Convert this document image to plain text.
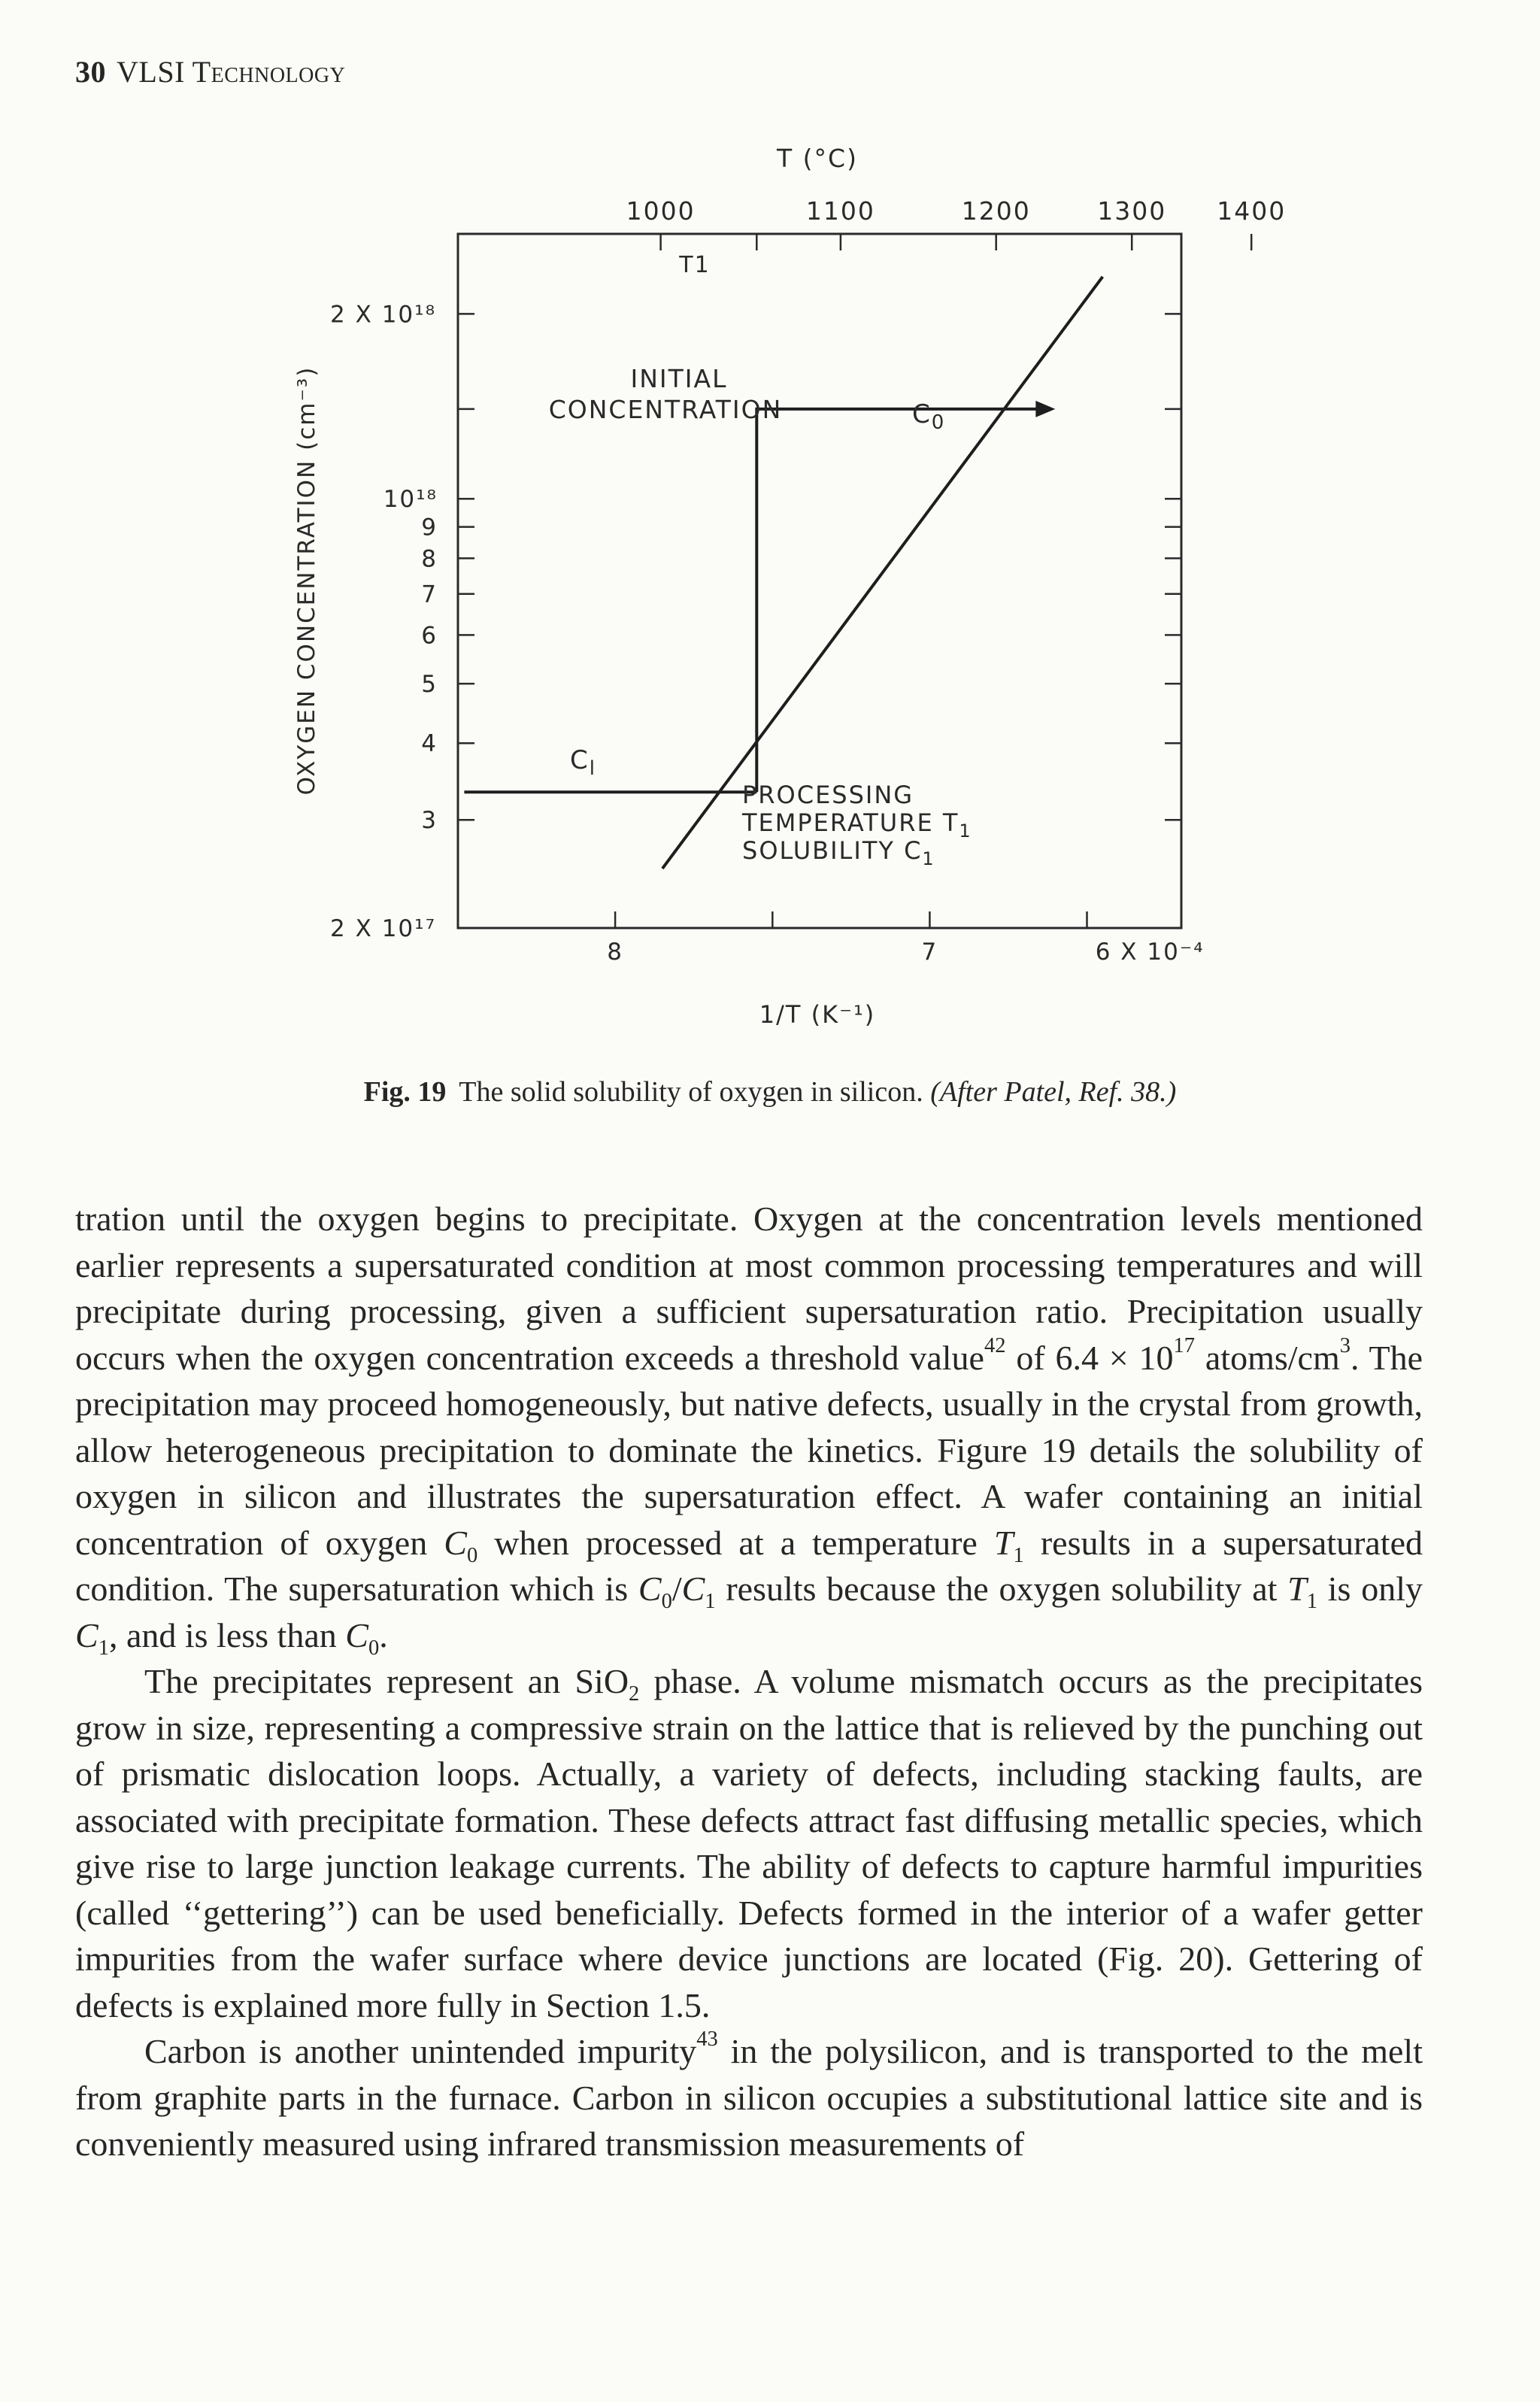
30 VLSI Technology
T (°C)
1000	1100	1200	1300 1400
T1
2 X 10¹⁸
10¹⁸
9
8
7
6
5
4
3
2 X 10¹⁷
8	7	6 X 10⁻⁴
OXYGEN CONCENTRATION (cm⁻³)
1/T (K⁻¹)
INITIAL
CONCENTRATION	$C_0$
$C_l$
PROCESSING
TEMPERATURE $T_1$
SOLUBILITY $C_1$
Fig. 19 The solid solubility of oxygen in silicon. (After Patel, Ref. 38.)

tration until the oxygen begins to precipitate. Oxygen at the concentration levels mentioned earlier represents a supersaturated condition at most common processing temperatures and will precipitate during processing, given a sufficient supersaturation ratio. Precipitation usually occurs when the oxygen concentration exceeds a threshold value$^{42}$ of $6.4 \times 10^{17}$ atoms/$cm^3$. The precipitation may proceed homogeneously, but native defects, usually in the crystal from growth, allow heterogeneous precipitation to dominate the kinetics. Figure 19 details the solubility of oxygen in silicon and illustrates the supersaturation effect. A wafer containing an initial concentration of oxygen $C_0$ when processed at a temperature $T_1$ results in a supersaturated condition. The supersaturation which is $C_0/C_1$ results because the oxygen solubility at $T_1$ is only $C_1$, and is less than $C_0$.

The precipitates represent an SiO$_2$ phase. A volume mismatch occurs as the precipitates grow in size, representing a compressive strain on the lattice that is relieved by the punching out of prismatic dislocation loops. Actually, a variety of defects, including stacking faults, are associated with precipitate formation. These defects attract fast diffusing metallic species, which give rise to large junction leakage currents. The ability of defects to capture harmful impurities (called ‘‘gettering’’) can be used beneficially. Defects formed in the interior of a wafer getter impurities from the wafer surface where device junctions are located (Fig. 20). Gettering of defects is explained more fully in Section 1.5.

Carbon is another unintended impurity$^{43}$ in the polysilicon, and is transported to the melt from graphite parts in the furnace. Carbon in silicon occupies a substitutional lattice site and is conveniently measured using infrared transmission measurements of
